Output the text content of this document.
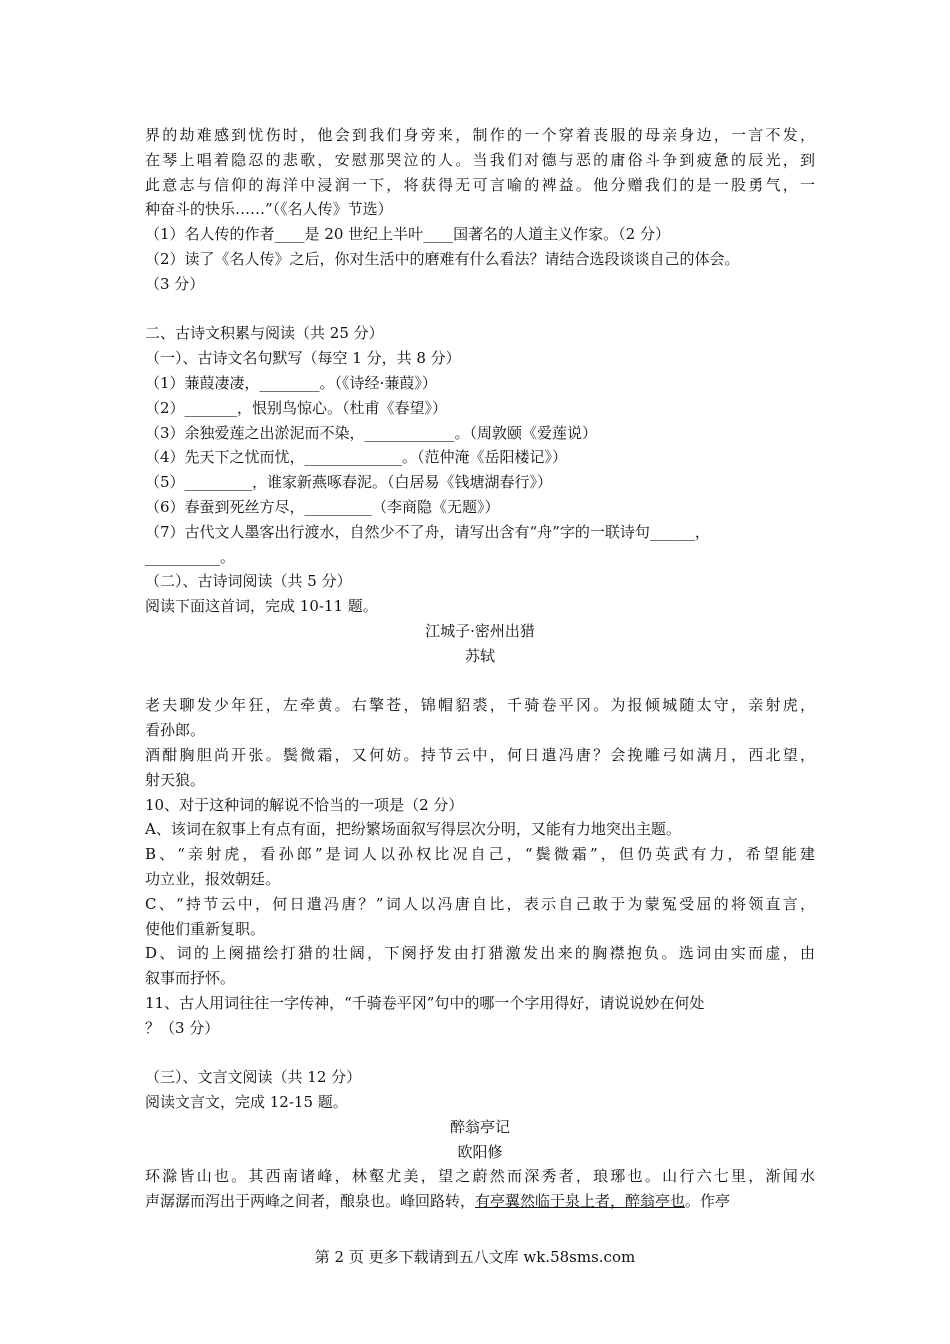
界的劫难感到忧伤时，他会到我们身旁来，制作的一个穿着丧服的母亲身边，一言不发，
在琴上唱着隐忍的悲歌，安慰那哭泣的人。当我们对德与恶的庸俗斗争到疲惫的辰光，到
此意志与信仰的海洋中浸润一下，将获得无可言喻的裨益。他分赠我们的是一股勇气，一
种奋斗的快乐……”（《名人传》节选）
（1）名人传的作者____是 20 世纪上半叶____国著名的人道主义作家。（2 分）
（2）读了《名人传》之后，你对生活中的磨难有什么看法？请结合选段谈谈自己的体会。
（3 分）
二、古诗文积累与阅读（共 25 分）
（一）、古诗文名句默写（每空 1 分，共 8 分）
（1）蒹葭凄凄，________。（《诗经·蒹葭》）
（2）_______，恨别鸟惊心。（杜甫《春望》）
（3）余独爱莲之出淤泥而不染，____________。（周敦颐《爱莲说）
（4）先天下之忧而忧，_____________。（范仲淹《岳阳楼记》）
（5）_________，谁家新燕啄春泥。（白居易《钱塘湖春行》）
（6）春蚕到死丝方尽，_________（李商隐《无题》）
（7）古代文人墨客出行渡水，自然少不了舟，请写出含有“舟”字的一联诗句______，
__________。
（二）、古诗词阅读（共 5 分）
阅读下面这首词，完成 10-11 题。
江城子·密州出猎
苏轼
老夫聊发少年狂，左牵黄。右擎苍，锦帽貂裘，千骑卷平冈。为报倾城随太守，亲射虎，
看孙郎。
酒酣胸胆尚开张。鬓微霜，又何妨。持节云中，何日遣冯唐？会挽雕弓如满月，西北望，
射天狼。
10、对于这种词的解说不恰当的一项是（2 分）
A、该词在叙事上有点有面，把纷繁场面叙写得层次分明，又能有力地突出主题。
B、“亲射虎，看孙郎”是词人以孙权比况自己，“鬓微霜”，但仍英武有力，希望能建
功立业，报效朝廷。
C、“持节云中，何日遣冯唐？”词人以冯唐自比，表示自己敢于为蒙冤受屈的将领直言，
使他们重新复职。
D、词的上阕描绘打猎的壮阔，下阕抒发由打猎激发出来的胸襟抱负。选词由实而虚，由
叙事而抒怀。
11、古人用词往往一字传神，“千骑卷平冈”句中的哪一个字用得好，请说说妙在何处
？（3 分）
（三）、文言文阅读（共 12 分）
阅读文言文，完成 12-15 题。
醉翁亭记
欧阳修
环滁皆山也。其西南诸峰，林壑尤美，望之蔚然而深秀者，琅琊也。山行六七里，渐闻水
声潺潺而泻出于两峰之间者，酿泉也。峰回路转，有亭翼然临于泉上者，醉翁亭也。作亭
第 2 页 更多下载请到五八文库 wk.58sms.com
